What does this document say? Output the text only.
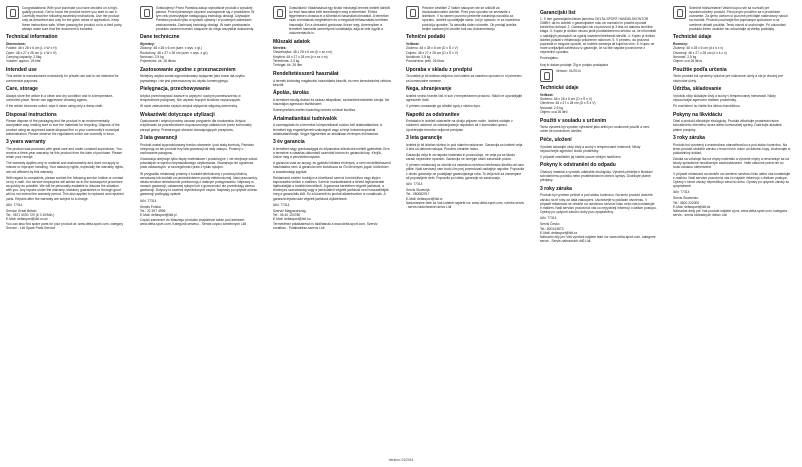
Congratulations! With your purchase you have decided on a high-quality product. Get to know the product before you start to use it. Carefully read the following assembly instructions. Use the product only as described and only for the given areas of application. Keep these instructions safe. When passing the product on to a third party, always make sure that the document is included.

Technical information
Dimensions:
Folded: 48 x 28 x 6 cm (L x W x H)
Open: 48 x 27 x 28 cm (L x W x H)
Carrying capacity: 2.5kg
Volume: approx. 26 litre
Intended use

This article is manufactured exclusively for private use and is not intended for commercial purposes.

Care, storage

Always store the article in a clean and dry condition and in a temperature-controlled place. Never use aggressive cleaning agents.

If the article becomes soiled, wipe it clean using only a damp cloth.

Disposal instructions

Please dispose of the packaging and the product in an environmentally acceptable way, making sure to sort the materials for recycling. Dispose of the product using an approved waste disposal firm or your community's municipal administration. Please observe the regulations which are currently in force.

3 years warranty

The product was produced with great care and under constant supervision. You receive a three-year warranty for this product from the date of purchase. Please retain your receipt.

The warranty applies only to material and workmanship and does not apply to misuse or improper handling. Your statutory rights, especially the warranty rights, are not affected by this warranty.

With regard to complaints, please contact the following service hotline or contact us by e-mail. Our service employees will advise as to the subsequent procedure as quickly as possible. We will be personally available to discuss the situation with you. Any repairs under the warranty, statutory guarantees or through good will do not extend the warranty period. This also applies to replaced and repaired parts. Repairs after the warranty are subject to a charge.

IAN: 77314
Service Great Britain
Tel.: 0871 5000 720 (£ 0.10/Min.)
E-Mail: deltasport@lidl.co.uk

You can also find spare parts for your product at: www.delta-sport.com, category Service - Lidl Spare Parts Service

Gratulujemy! Przez Państwa zakup wybraliście produkt o wysokiej jakości. Przed pierwszym użyciem zaznajomcie się z produktem. W tym celu przeczytajcie następującą instrukcję obsługi. Używajcie Państwo produkt tylko w sposób opisany i w podanych zakresach zastosowania. Zachowaj instrukcję obsługi. W razie przekazania produktu osobom trzecim dołączcie do niego wszystkie dokumenty.

Dane techniczne
Wymiary:
Złożony: 48 x 28 x 6 cm (szer. x wys. x gł.)
Rozłożony: 48 x 27 x 28 cm (szer. x wys. x gł.)
Nośność: 2.5 kg
Pojemność: ok. 26 litrów
Zastosowanie zgodne z przeznaczeniem

Niniejszy artykuł został wyprodukowany wyłącznie jako towar dla użytku prywatnego i nie jest przeznaczony do użytku komercyjnego.

Pielęgnacja, przechowywanie

Artykuł przechowywać zawsze w czystym i suchym pomieszczeniu w temperaturze pokojowej. Nie używać żrących środków czyszczących.

W razie zabrudzenia czyścić artykuł wyłącznie wilgotną ściereczką.

Wskazówki dotyczące utylizacji

Opakowanie i artykuł prosimy usuwać przyjaźnie dla środowiska. Artykuł zutylizować za pośrednictwem dopuszczonego zakładu lub przez komunalny zarząd gminy. Przestrzegać obecnie obowiązujących przepisów.

3 lata gwarancji

Produkt został wyprodukowany bardzo starannie i pod stałą kontrolą. Państwo otrzymują na ten produkt trzy lata gwarancji od daty zakupu. Prosimy o zachowanie paragonu.

Gwarancja obejmuje tylko błędy materiałowe i produkcyjne, i nie obejmuje szkód powstałych w wyniku nieprawidłowego użytkowania. Gwarancja nie ogranicza praw ustawowych, w szczególności praw z tytułu rękojmi.

W przypadku reklamacji prosimy o kontakt telefoniczny z podaną infolinią serwisową lub kontakt za pośrednictwem poczty elektronicznej. Nasi pracownicy działu serwisu niezwłocznie poinformują o dalszym postępowaniu. Naprawy w ramach gwarancji, ustawowej rękojmi lub z grzeczności nie przedłużają okresu gwarancji. Dotyczy to również wymienionych części. Naprawy po upływie okresu gwarancji podlegają opłacie.

IAN: 77314
Serwis Polska
Tel.: 22 397 4996
E-Mail: deltasport@lidl.pl

Części zamienne do Waszego produktu znajdziecie także pod adresem: www.delta-sport.com, Kategoria serwisu - Serwis części zamiennych Lidl

Gratulálunk! Vásárlásával egy kiváló minőségű termék mellett döntött. Az első használat előtt ismerkedjen meg a termékkel. Ehhez figyelmesen olvassa el a következő használati útmutatót. A terméket csak a leírtaknak megfelelően és a megadott felhasználási területen használja. Ezt a útmutatót gondosan őrizze meg. Amennyiben a terméket harmadik személynek továbbadja, adja át vele együtt a dokumentációt is.

Műszaki adatok
Méretek:
Összehajtva: 48 x 28 x 6 cm (h x sz x m)
Kinyitva: 48 x 27 x 28 cm (h x sz x m)
Teherbírás: 2,5 kg
Térfogat: kb. 26 liter
Rendeltetésszerű használat

A termék kizárólag magáncélú használatra készült, és nem kereskedelmi célokra készült.

Ápolás, tárolás

A terméket mindig tisztán és száraz állapotban, szobahőmérsékleten tárolja. Ne használjon agresszív tisztítószert.

Szennyeződés esetén kizárólag nedves ruhával tisztítsa.

Ártalmatlanítási tudnivalók

A csomagolást és a terméket környezetbarát módon kell ártalmatlanítani. A terméket egy engedélyezett szakcégnél vagy a helyi önkormányzatnál ártalmatlaníthatja. Vegye figyelembe az aktuálisan érvényes előírásokat.

3 év garancia

A terméket nagy gondossággal és folyamatos ellenőrzés mellett gyártották. Erre a termékre a vásárlás dátumától számított három év garanciát kap. Kérjük, őrizze meg a pénztárbizonylatot.

A garancia csak az anyag- és gyártási hibákra érvényes, a nem rendeltetésszerű használatra nem. A garancia nem korlátozza az Ön törvényes jogait, különösen a szavatossági jogokat.

Reklamáció esetén forduljon a következő szerviz forródróthoz vagy lépjen kapcsolatba velünk e-mailben. Szerviz munkatársaink a lehető leghamarabb tájékoztatják a további teendőkről. A garancia keretében végzett javítások, a törvényes szavatosság vagy a jóindulatból végzett javítások nem hosszabbítják meg a garanciális időt. Ez a kicserélt és javított alkatrészekre is vonatkozik. A garancia lejárta után végzett javítások díjkötelesek.

IAN: 77314
Szerviz Magyarország
Tel.: 06 40 103785
E-Mail: deltasport@lidl.hu

Termékéhez pótalkatrészt is találhatnak a www.delta-sport.com, Szerviz rovatban - Pótalkatrész-szerviz Lidl

Prisrčne čestitke! Z Vašim nakupom ste se odločili za visokokakovosten izdelek. Pred prvo uporabo se seznanite z izdelkom. V ta namen pozorno preberite naslednja navodila za uporabo. Izdelek uporabljajte samo, kot je opisano, in za navedena področja uporabe. Ta navodila dobro shranite. Ob predaji izdelka tretjim osebam jim izročite tudi vso dokumentacijo.

Tehnični podatki
Velikost:
Zloženo: 48 x 28 x 6 cm (D x Š x V)
Odprto: 48 x 27 x 28 cm (D x Š x V)
Nosilnost: 2,5 kg
Prostornina: pribl. 26 litrov
Uporaba v skladu z predpisi

Ta izdelek je bil izdelan izključno kot izdelek za zasebno uporabo in ni primeren za komercialne namene.

Nega, shranjevanje

Izdelek vedno hranite čist in suh v temperiranem prostoru. Nikoli ne uporabljajte agresivnih čistil.

V primeru umazanije ga očistite zgolj z vlažno krpo.

Napotki za odstranitev

Embalažo in izdelek odstranite na okolju prijazen način. Izdelek oddajte v odobreni ustanovi za odstranjevanje odpadkov ali v komunalni upravi. Upoštevajte trenutno veljavne predpise.

3 leta garancije

Izdelek je bil izdelan skrbno in pod stalnim nadzorom. Garancija za izdelek velja 3 leta od datuma nakupa. Prosimo shranite račun.

Garancija velja le za napake materiala in proizvodnje, ne velja pa za škodo zaradi nepravilne uporabe. Garancija ne omejuje vaših zakonskih pravic.

V primeru reklamacij se obrnite na navedeno servisno telefonsko številko ali nam pišite. Naši serviserji vam bodo čim prej posredovali nadaljnje napotke. Popravila v okviru garancije ne podaljšajo garancijskega roka. To velja tudi za zamenjane ali popravljene dele. Popravila po izteku garancije se zaračunajo.

IAN: 77314
Servis Slovenija
Tel.: 080082917
E-Mail: deltasport@lidl.si

Nadomestne dele za Vaš izdelek najdete na: www.delta-sport.com, rubrika servis - servis nadomestnih delov Lidl

Garancijski list

1. S tem garancijskim listom jamčimo DELTA-SPORT HANDELSKONTOR GMBH, da bo izdelek v garancijskem roku ob normalni in pravilni uporabi brezhibno deloval. 2. Garancijski rok za proizvod je 3 leta od datuma izročitve blaga. 3. Kupec je dolžan okvaro javiti pooblaščenemu servisu oz. se informirati o nadaljnjih postopkih na zgoraj navedeni telefonski številki. 4. Kupec je dolžan izdelek poslati v reklamacijo priloženim računom. 5. V primeru, da proizvod popravila ni mogoče opraviti, se izdelek zamenja ali kupnina vrne. 6. Kupec ne more uveljavljati zahtevkov iz garancije, če so bile napake povzročene z nepravilno uporabo.

Proizvajalec:

Kraj in datum prodaje: Žig in podpis prodajalca

Version: 01/2014

Technické údaje
Velikost:
Složeno: 48 x 28 x 6 cm (D x Š x V)
Otevřeno: 48 x 27 x 28 cm (D x Š x V)
Nosnost: 2,5 kg
Objem: cca 26 litrů
Použití v souladu s určením

Tento výrobek byl vyroben výhradně jako artikl pro soukromé použití a není určen ke komerčním účelům.

Péče, uložení

Výrobek skladujte vždy čistý a suchý v temperované místnosti. Nikdy nepoužívejte agresivní čisticí prostředky.

V případě znečištění jej čistěte pouze vlhkým hadříkem.

Pokyny k odstranění do odpadu

Obalový materiál a výrobek odstraňte ekologicky. Výrobek předejte k likvidaci schválenému podniku nebo prostřednictvím obecní správy. Dodržujte platné předpisy.

3 roky záruka

Produkt byl vyroben pečlivě a pod stálou kontrolou. Na tento produkt obdržíte záruku na tři roky od data zakoupení. Uschovejte si pokladní stvrzenku. V případě reklamace se obraťte na uvedenou servisní linku nebo nás kontaktujte e-mailem. Naši servisní pracovníci vás co nejrychleji informují o dalším postupu. Opravy po uplynutí záruční doby jsou zpoplatněny.

IAN: 77314
Servis Česko
Tel.: 800143873
E-Mail: deltasport@lidl.cz

Náhradní díly pro Váš výrobek najdete také na: www.delta-sport.com, kategorie servis - Servis náhradních dílů Lidl

Srdečné blahoželanie! Vaším kúpou ste sa rozhodli pre vysokohodnotný produkt. Pred prvým použitím sa s produktom zoznámte. Za týmto účelom si pozorne prečítajte nasledovný návod na montáž. Produkt používajte iba popísaným spôsobom a na uvedené oblasti použitia. Tento návod si uschovajte. Pri odovzdaní produktu tretím osobám mu odovzdajte aj všetky podklady.

Technické údaje
Rozmery:
Zložený: 48 x 28 x 6 cm (d x š x v)
Otvorený: 48 x 27 x 28 cm (d x š x v)
Nosnosť: 2,5 kg
Objem: cca 26 litrov
Použitie podľa určenia

Tento produkt bol vyrobený výlučne pre súkromné účely a nie je vhodný pre obchodné účely.

Údržba, skladovanie

Výrobok vždy skladujte čistý a suchý v temperovanej miestnosti. Nikdy nepoužívajte agresívne čistiace prostriedky.

Pri znečistení ho čistite iba vlhkou handričkou.

Pokyny na likvidáciu

Obal a produkt zlikvidujte ekologicky. Produkt zlikvidujte prostredníctvom schváleného zberného dvora alebo komunálnej správy. Dodržujte aktuálne platné predpisy.

3 roky záruka

Produkt bol vyrobený s maximálnou starostlivosťou a pod stálou kontrolou. Na tento produkt obdržíte záruku v trvaní troch rokov od dátumu kúpy. Uschovajte si pokladničný doklad.

Záruka sa vzťahuje iba na chyby materiálu a výrobné chyby a nevzťahuje sa na škody spôsobené neodborným zaobchádzaním. Vaše zákonné práva nie sú touto zárukou obmedzené.

V prípade reklamácií sa obráťte na uvedenú servisnú linku alebo nás kontaktujte e-mailom. Naši servisní pracovníci vás čo najskôr informujú o ďalšom postupe. Opravy v rámci záruky nepredlžujú záručnú dobu. Opravy po uplynutí záruky sú spoplatnené.

IAN: 77314
Servis Slovensko
Tel.: 0800 232000
E-Mail: deltasport@lidl.sk

Náhradné diely pre Váš produkt nájdete aj na: www.delta-sport.com, kategória servis - servis náhradných dielov Lidl

Version: 01/2014
